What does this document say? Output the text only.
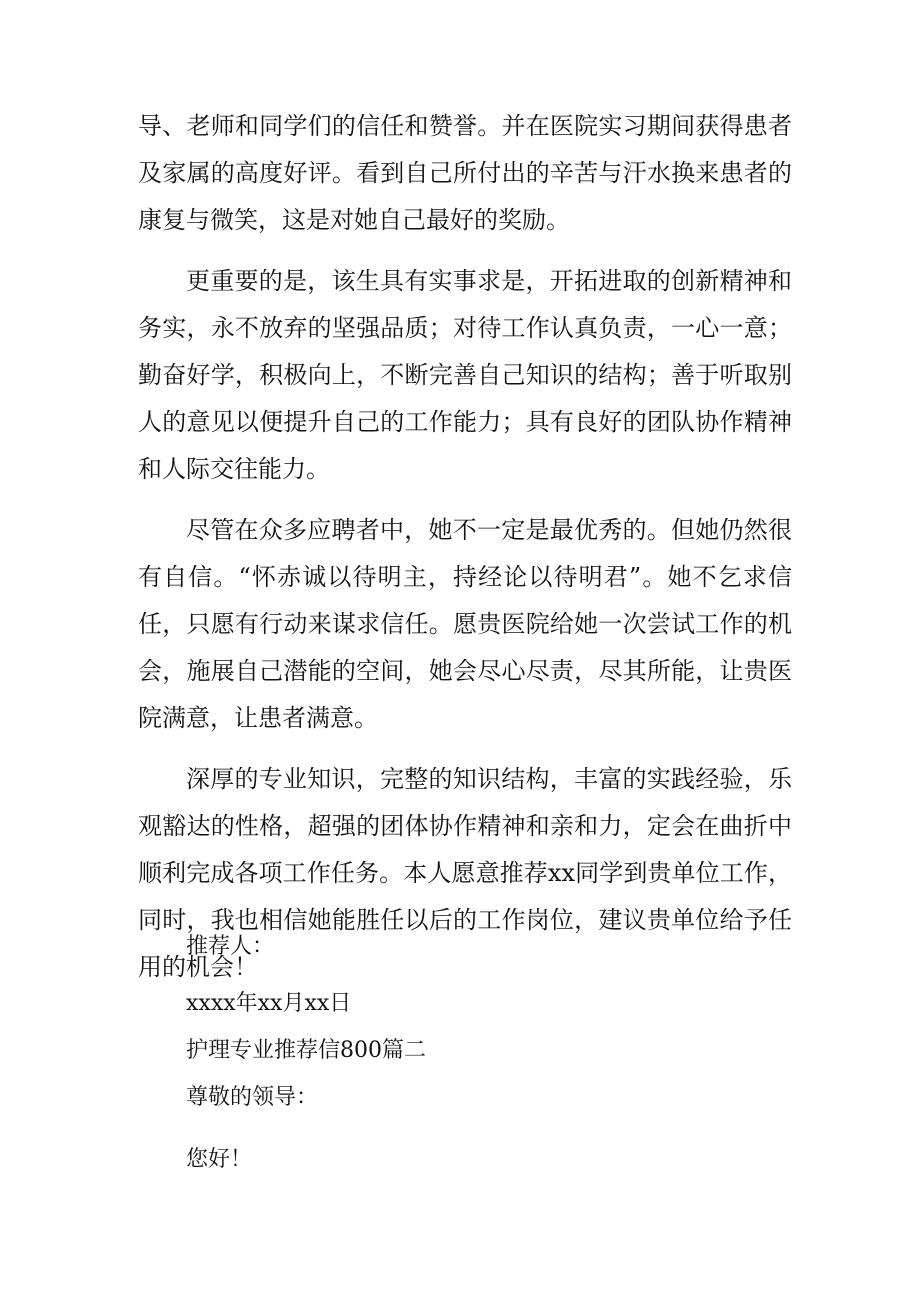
导、老师和同学们的信任和赞誉。并在医院实习期间获得患者及家属的高度好评。看到自己所付出的辛苦与汗水换来患者的康复与微笑，这是对她自己最好的奖励。

更重要的是，该生具有实事求是，开拓进取的创新精神和务实，永不放弃的坚强品质；对待工作认真负责，一心一意；勤奋好学，积极向上，不断完善自己知识的结构；善于听取别人的意见以便提升自己的工作能力；具有良好的团队协作精神和人际交往能力。

尽管在众多应聘者中，她不一定是最优秀的。但她仍然很有自信。“怀赤诚以待明主，持经论以待明君”。她不乞求信任，只愿有行动来谋求信任。愿贵医院给她一次尝试工作的机会，施展自己潜能的空间，她会尽心尽责，尽其所能，让贵医院满意，让患者满意。

深厚的专业知识，完整的知识结构，丰富的实践经验，乐观豁达的性格，超强的团体协作精神和亲和力，定会在曲折中顺利完成各项工作任务。本人愿意推荐xx同学到贵单位工作，同时，我也相信她能胜任以后的工作岗位，建议贵单位给予任用的机会！

推荐人：

xxxx年xx月xx日

护理专业推荐信800篇二

尊敬的领导：

您好！
